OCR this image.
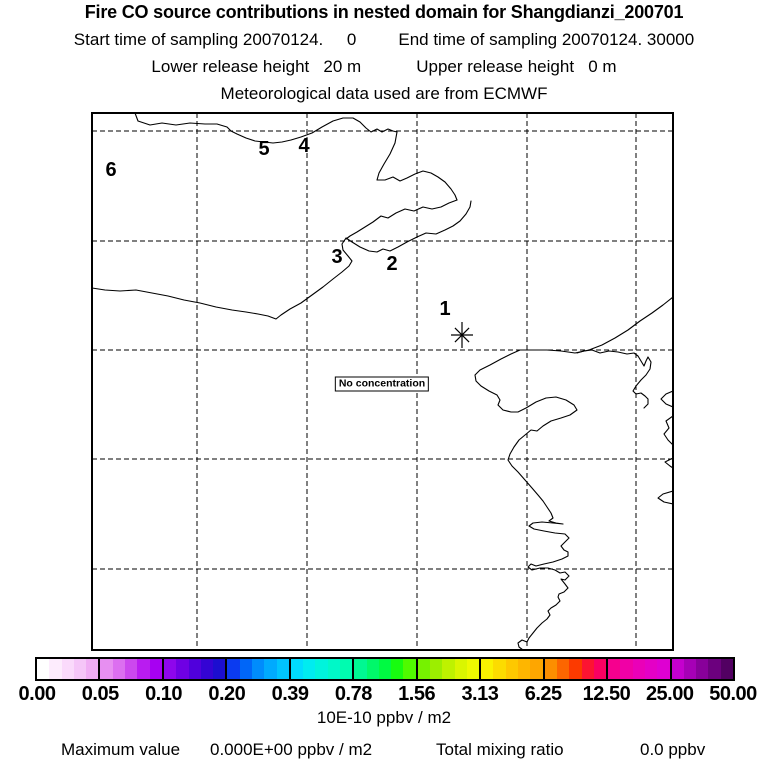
Fire CO source contributions in nested domain for Shangdianzi_200701
Start time of sampling 20070124.     0 End time of sampling 20070124. 30000
Lower release height   20 m	Upper release height   0 m
Meteorological data used are from ECMWF
1
2
3
4
5
6
No concentration
0.00 0.05 0.10 0.20 0.39 0.78 1.56 3.13 6.25 12.50 25.00 50.00
10E-10 ppbv / m2
Maximum value 0.000E+00 ppbv / m2	Total mixing ratio	0.0 ppbv
